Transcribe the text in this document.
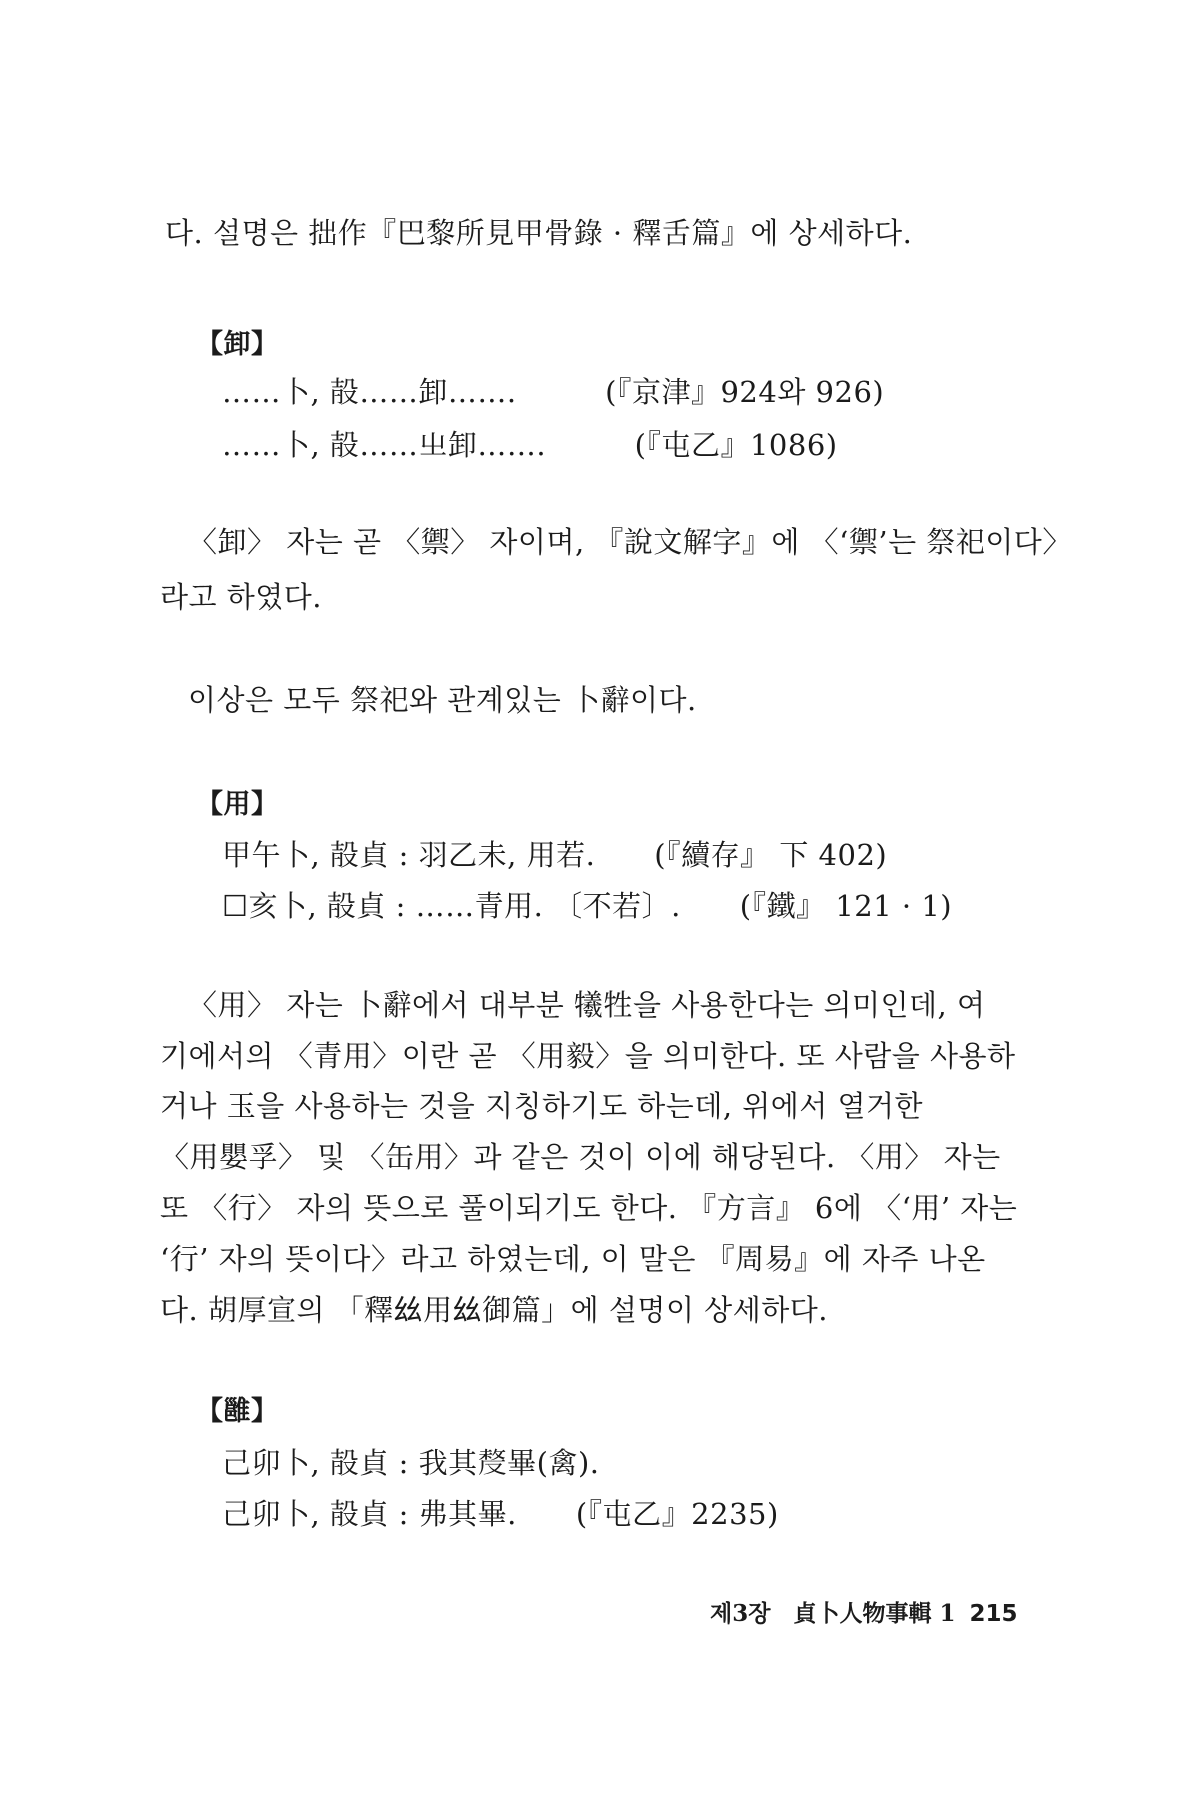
다. 설명은 拙作『巴黎所見甲骨錄 · 釋舌篇』에 상세하다.
【卸】
……卜, 㱿……卸…….　　　(『京津』924와 926)
……卜, 㱿……㞢卸…….　　　(『屯乙』1086)
〈卸〉 자는 곧 〈禦〉 자이며, 『說文解字』에 〈‘禦’는 祭祀이다〉
라고 하였다.
이상은 모두 祭祀와 관계있는 卜辭이다.
【用】
甲午卜, 㱿貞 : 羽乙未, 用若.　　(『續存』 下 402)
☐亥卜, 㱿貞 : ……青用. 〔不若〕.　　(『鐵』 121 · 1)
〈用〉 자는 卜辭에서 대부분 犧牲을 사용한다는 의미인데, 여
기에서의 〈青用〉이란 곧 〈用毅〉을 의미한다. 또 사람을 사용하
거나 玉을 사용하는 것을 지칭하기도 하는데, 위에서 열거한
〈用嬰孚〉 및 〈缶用〉과 같은 것이 이에 해당된다. 〈用〉 자는
또 〈行〉 자의 뜻으로 풀이되기도 한다. 『方言』 6에 〈‘用’ 자는
‘行’ 자의 뜻이다〉라고 하였는데, 이 말은 『周易』에 자주 나온
다. 胡厚宣의 「釋𢆶用𢆶御篇」에 설명이 상세하다.
【雝】
己卯卜, 㱿貞 : 我其𠭰畢(禽).
己卯卜, 㱿貞 : 弗其畢.　　(『屯乙』2235)
제3장　貞卜人物事輯 1 215
